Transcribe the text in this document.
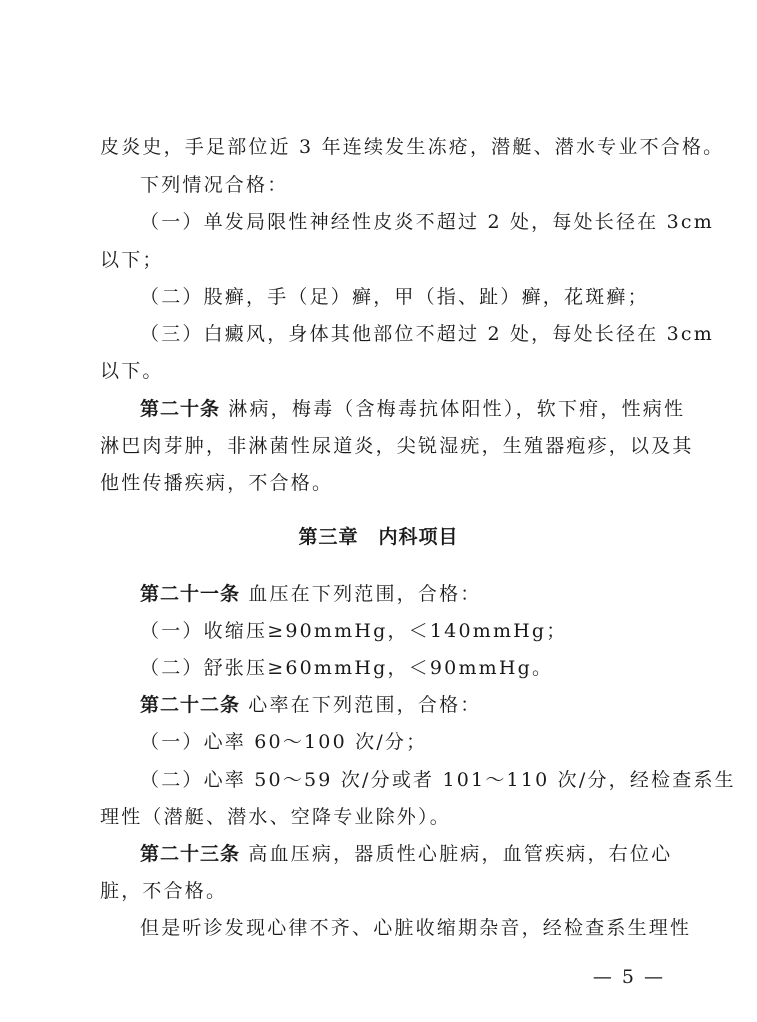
皮炎史，手足部位近 3 年连续发生冻疮，潜艇、潜水专业不合格。
下列情况合格：
（一）单发局限性神经性皮炎不超过 2 处，每处长径在 3cm
以下；
（二）股癣，手（足）癣，甲（指、趾）癣，花斑癣；
（三）白癜风，身体其他部位不超过 2 处，每处长径在 3cm
以下。
第二十条 淋病，梅毒（含梅毒抗体阳性），软下疳，性病性
淋巴肉芽肿，非淋菌性尿道炎，尖锐湿疣，生殖器疱疹，以及其
他性传播疾病，不合格。
第三章　内科项目
第二十一条 血压在下列范围，合格：
（一）收缩压≥90mmHg，＜140mmHg；
（二）舒张压≥60mmHg，＜90mmHg。
第二十二条 心率在下列范围，合格：
（一）心率 60～100 次/分；
（二）心率 50～59 次/分或者 101～110 次/分，经检查系生
理性（潜艇、潜水、空降专业除外）。
第二十三条 高血压病，器质性心脏病，血管疾病，右位心
脏，不合格。
但是听诊发现心律不齐、心脏收缩期杂音，经检查系生理性
— 5 —
